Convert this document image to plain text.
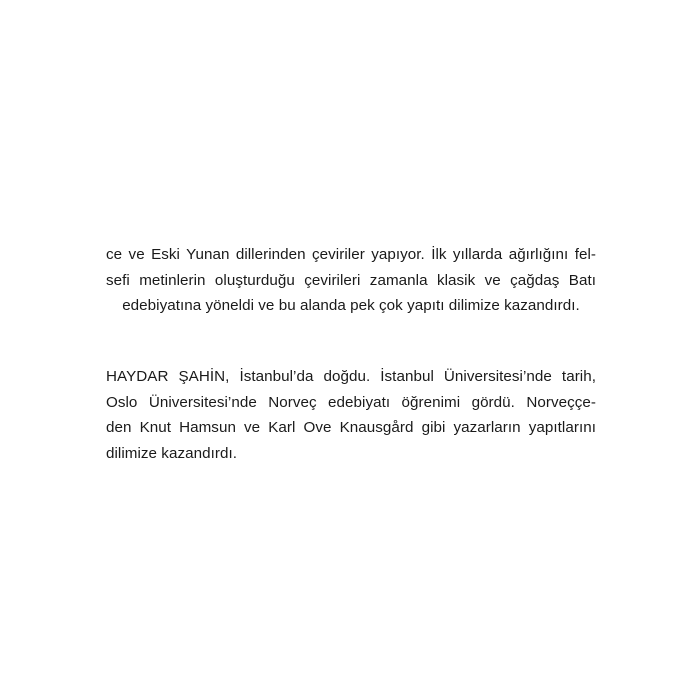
ce ve Eski Yunan dillerinden çeviriler yapıyor. İlk yıllarda ağırlığını fel-
sefi metinlerin oluşturduğu çevirileri zamanla klasik ve çağdaş Batı
edebiyatına yöneldi ve bu alanda pek çok yapıtı dilimize kazandırdı.
HAYDAR ŞAHİN, İstanbul’da doğdu. İstanbul Üniversitesi’nde tarih,
Oslo Üniversitesi’nde Norveç edebiyatı öğrenimi gördü. Norveççe-
den Knut Hamsun ve Karl Ove Knausgård gibi yazarların yapıtlarını
dilimize kazandırdı.
